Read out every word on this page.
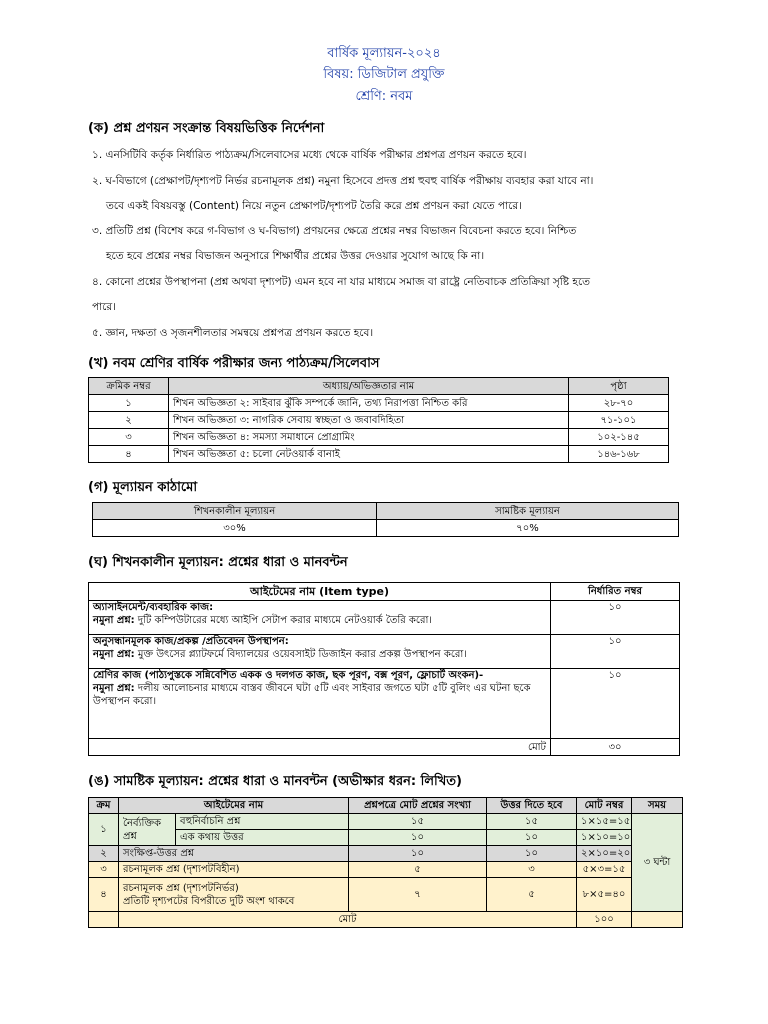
বার্ষিক মূল্যায়ন-২০২৪
বিষয়: ডিজিটাল প্রযুক্তি
শ্রেণি: নবম
(ক) প্রশ্ন প্রণয়ন সংক্রান্ত বিষয়ভিত্তিক নির্দেশনা
১. এনসিটিবি কর্তৃক নির্ধারিত পাঠ্যক্রম/সিলেবাসের মধ্যে থেকে বার্ষিক পরীক্ষার প্রশ্নপত্র প্রণয়ন করতে হবে।
২. ঘ-বিভাগে (প্রেক্ষাপট/দৃশ্যপট নির্ভর রচনামূলক প্রশ্ন) নমুনা হিসেবে প্রদত্ত প্রশ্ন হুবহু বার্ষিক পরীক্ষায় ব্যবহার করা যাবে না।
তবে একই বিষয়বস্তু (Content) নিয়ে নতুন প্রেক্ষাপট/দৃশ্যপট তৈরি করে প্রশ্ন প্রণয়ন করা যেতে পারে।
৩. প্রতিটি প্রশ্ন (বিশেষ করে গ-বিভাগ ও ঘ-বিভাগ) প্রণয়নের ক্ষেত্রে প্রশ্নের নম্বর বিভাজন বিবেচনা করতে হবে। নিশ্চিত
হতে হবে প্রশ্নের নম্বর বিভাজন অনুসারে শিক্ষার্থীর প্রশ্নের উত্তর দেওয়ার সুযোগ আছে কি না।
৪. কোনো প্রশ্নের উপস্থাপনা (প্রশ্ন অথবা দৃশ্যপট) এমন হবে না যার মাধ্যমে সমাজ বা রাষ্ট্রে নেতিবাচক প্রতিক্রিয়া সৃষ্টি হতে
পারে।
৫. জ্ঞান, দক্ষতা ও সৃজনশীলতার সমন্বয়ে প্রশ্নপত্র প্রণয়ন করতে হবে।
(খ) নবম শ্রেণির বার্ষিক পরীক্ষার জন্য পাঠ্যক্রম/সিলেবাস
ক্রমিক নম্বর	অধ্যায়/অভিজ্ঞতার নাম	পৃষ্ঠা
১	শিখন অভিজ্ঞতা ২: সাইবার ঝুঁকি সম্পর্কে জানি, তথ্য নিরাপত্তা নিশ্চিত করি	২৮-৭০
২	শিখন অভিজ্ঞতা ৩: নাগরিক সেবায় স্বচ্ছতা ও জবাবদিহিতা	৭১-১০১
৩	শিখন অভিজ্ঞতা ৪: সমস্যা সমাধানে প্রোগ্রামিং	১০২-১৪৫
৪	শিখন অভিজ্ঞতা ৫: চলো নেটওয়ার্ক বানাই	১৪৬-১৬৮
(গ) মূল্যায়ন কাঠামো
শিখনকালীন মূল্যায়ন	সামষ্টিক মূল্যায়ন
৩০%	৭০%
(ঘ) শিখনকালীন মূল্যায়ন: প্রশ্নের ধারা ও মানবন্টন
আইটেমের নাম (Item type)	নির্ধারিত নম্বর

অ্যাসাইনমেন্ট/ব্যবহারিক কাজ:
নমুনা প্রশ্ন: দুটি কম্পিউটারের মধ্যে আইপি সেটাপ করার মাধ্যমে নেটওয়ার্ক তৈরি করো।	১০

অনুসন্ধানমূলক কাজ/প্রকল্প /প্রতিবেদন উপস্থাপন:
নমুনা প্রশ্ন: মুক্ত উৎসের প্ল্যাটফর্মে বিদ্যালয়ের ওয়েবসাইট ডিজাইন করার প্রকল্প উপস্থাপন করো।	১০

শ্রেণির কাজ (পাঠ্যপুস্তকে সন্নিবেশিত একক ও দলগত কাজ, ছক পূরণ, বক্স পূরণ, ফ্লোচার্ট অংকন)-
নমুনা প্রশ্ন: দলীয় আলোচনার মাধ্যমে বাস্তব জীবনে ঘটা ৫টি এবং সাইবার জগতে ঘটা ৫টি বুলিং এর ঘটনা ছকে উপস্থাপন করো।	১০
মোট	৩০
(ঙ) সামষ্টিক মূল্যায়ন: প্রশ্নের ধারা ও মানবন্টন (অভীক্ষার ধরন: লিখিত)
ক্রম	আইটেমের নাম		প্রশ্নপত্রে মোট প্রশ্নের সংখ্যা	উত্তর দিতে হবে	মোট নম্বর	সময়
১	নৈর্ব্যক্তিক প্রশ্ন	বহুনির্বাচনি প্রশ্ন	১৫	১৫	১×১৫=১৫	৩ ঘন্টা
		এক কথায় উত্তর	১০	১০	১×১০=১০	
২	সংক্ষিপ্ত-উত্তর প্রশ্ন		১০	১০	২×১০=২০	
৩	রচনামূলক প্রশ্ন (দৃশ্যপটবিহীন)		৫	৩	৫×৩=১৫	
৪	রচনামূলক প্রশ্ন (দৃশ্যপটনির্ভর)
প্রতিটি দৃশ্যপটের বিপরীতে দুটি অংশ থাকবে		৭	৫	৮×৫=৪০	
	মোট				১০০	
